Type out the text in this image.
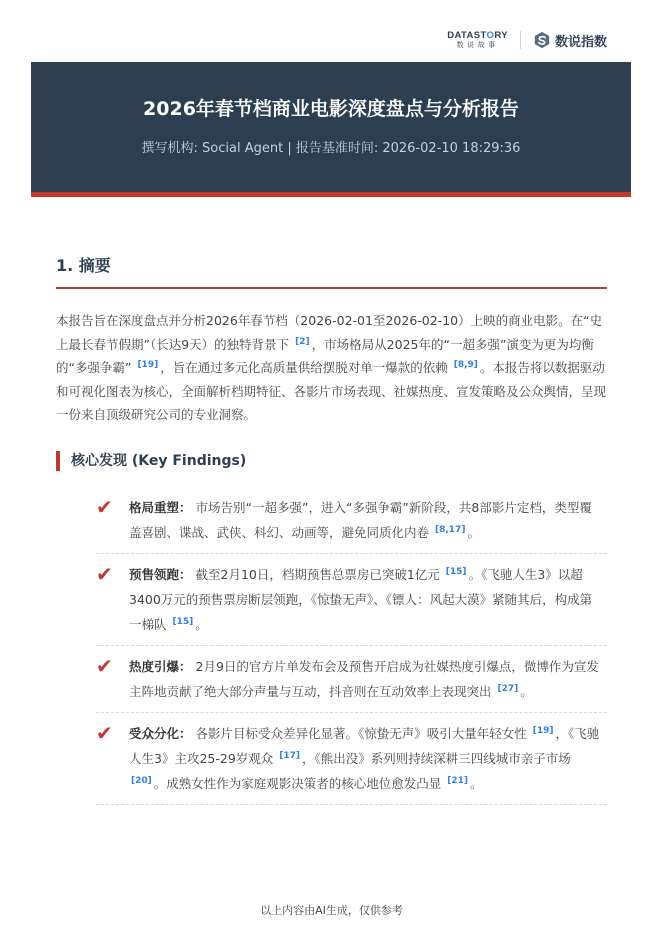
DATASTORY
数说故事	数说指数
2026年春节档商业电影深度盘点与分析报告
撰写机构: Social Agent | 报告基准时间: 2026-02-10 18:29:36
1. 摘要
本报告旨在深度盘点并分析2026年春节档（2026-02-01至2026-02-10）上映的商业电影。在“史上最长春节假期”（长达9天）的独特背景下 [2] ，市场格局从2025年的“一超多强”演变为更为均衡的“多强争霸” [19] ，旨在通过多元化高质量供给摆脱对单一爆款的依赖 [8,9] 。本报告将以数据驱动和可视化图表为核心，全面解析档期特征、各影片市场表现、社媒热度、宣发策略及公众舆情，呈现一份来自顶级研究公司的专业洞察。
核心发现 (Key Findings)
✔ 格局重塑： 市场告别“一超多强”，进入“多强争霸”新阶段，共8部影片定档，类型覆盖喜剧、谍战、武侠、科幻、动画等，避免同质化内卷 [8,17] 。
✔ 预售领跑： 截至2月10日，档期预售总票房已突破1亿元 [15] 。《飞驰人生3》以超3400万元的预售票房断层领跑，《惊蛰无声》、《镖人：风起大漠》紧随其后，构成第一梯队 [15] 。
✔ 热度引爆： 2月9日的官方片单发布会及预售开启成为社媒热度引爆点，微博作为宣发主阵地贡献了绝大部分声量与互动，抖音则在互动效率上表现突出 [27] 。
✔ 受众分化： 各影片目标受众差异化显著。《惊蛰无声》吸引大量年轻女性 [19] ，《飞驰人生3》主攻25-29岁观众 [17] ，《熊出没》系列则持续深耕三四线城市亲子市场 [20] 。成熟女性作为家庭观影决策者的核心地位愈发凸显 [21] 。
以上内容由AI生成，仅供参考
